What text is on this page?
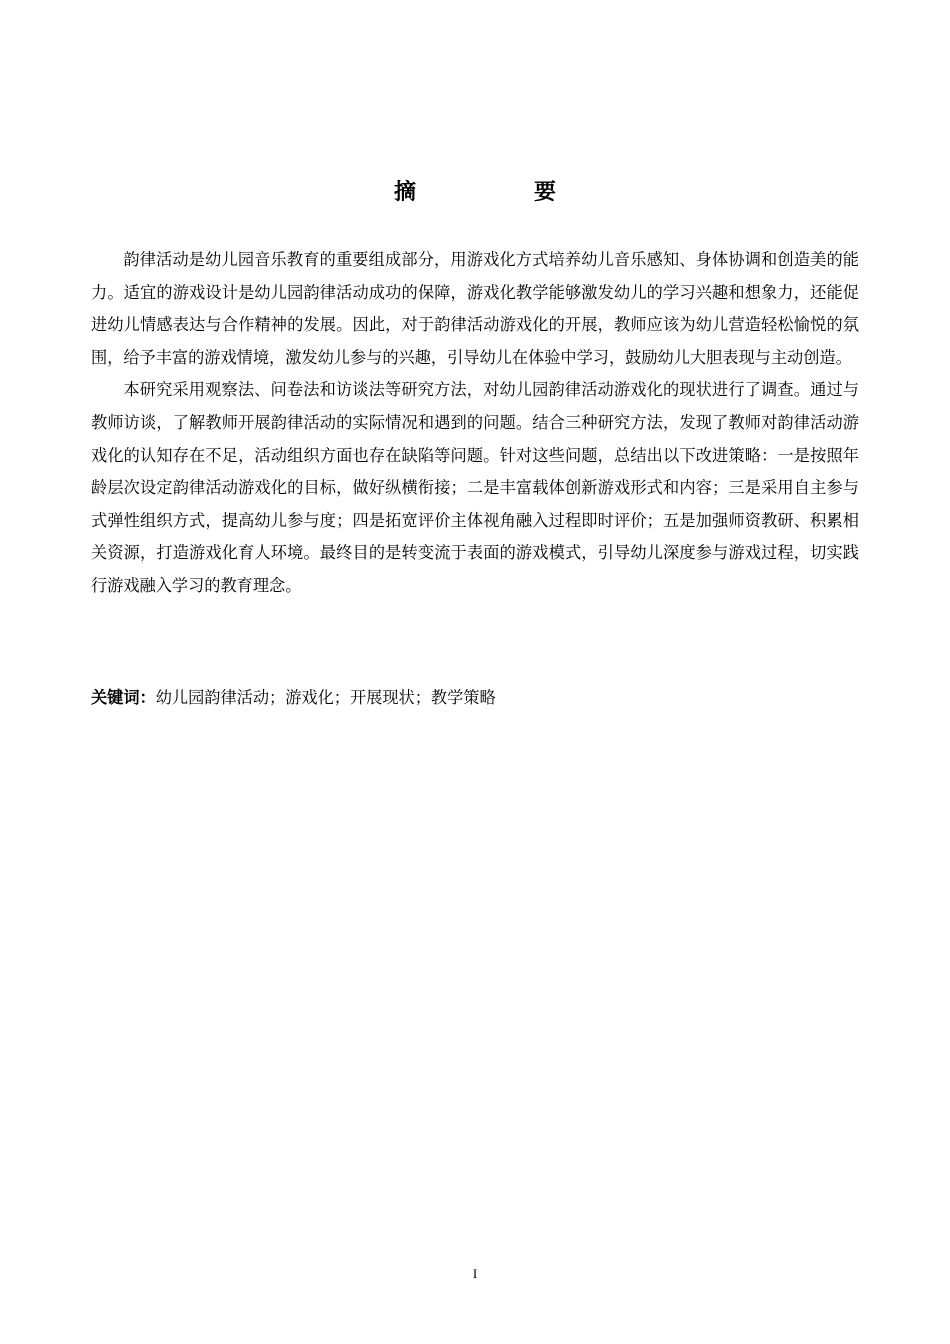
摘　要

韵律活动是幼儿园音乐教育的重要组成部分，用游戏化方式培养幼儿音乐感知、身体协调和创造美的能力。适宜的游戏设计是幼儿园韵律活动成功的保障，游戏化教学能够激发幼儿的学习兴趣和想象力，还能促进幼儿情感表达与合作精神的发展。因此，对于韵律活动游戏化的开展，教师应该为幼儿营造轻松愉悦的氛围，给予丰富的游戏情境，激发幼儿参与的兴趣，引导幼儿在体验中学习，鼓励幼儿大胆表现与主动创造。

本研究采用观察法、问卷法和访谈法等研究方法，对幼儿园韵律活动游戏化的现状进行了调查。通过与教师访谈，了解教师开展韵律活动的实际情况和遇到的问题。结合三种研究方法，发现了教师对韵律活动游戏化的认知存在不足，活动组织方面也存在缺陷等问题。针对这些问题，总结出以下改进策略：一是按照年龄层次设定韵律活动游戏化的目标，做好纵横衔接；二是丰富载体创新游戏形式和内容；三是采用自主参与式弹性组织方式，提高幼儿参与度；四是拓宽评价主体视角融入过程即时评价；五是加强师资教研、积累相关资源，打造游戏化育人环境。最终目的是转变流于表面的游戏模式，引导幼儿深度参与游戏过程，切实践行游戏融入学习的教育理念。

关键词：幼儿园韵律活动；游戏化；开展现状；教学策略
I
